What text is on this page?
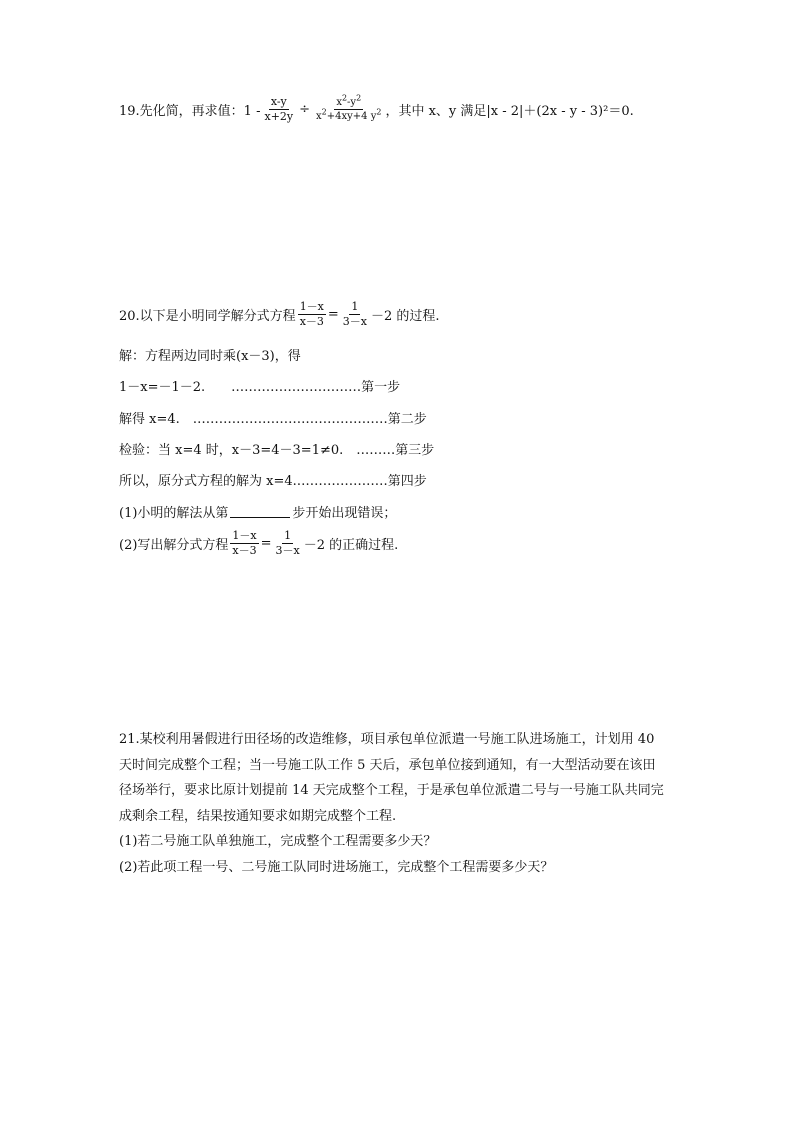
19.先化简，再求值：$1 - \frac{x-y}{x+2y} \div \frac{x^2-y^2}{x^2+4xy+4 y^2}$ ，其中 x、y 满足|x - 2|＋(2x - y - 3)²＝0.
20.以下是小明同学解分式方程 $\frac{1-x}{x-3} = \frac{1}{3-x} -2$ 的过程.
解：方程两边同时乘(x－3)，得
1－x=－1－2.　　…………………………第一步
解得 x=4.　………………………………………第二步
检验：当 x=4 时，x－3=4－3=1≠0.　………第三步
所以，原分式方程的解为 x=4.…………………第四步
(1)小明的解法从第	步开始出现错误；
(2)写出解分式方程 $\frac{1-x}{x-3} = \frac{1}{3-x} -2$ 的正确过程.
21.某校利用暑假进行田径场的改造维修，项目承包单位派遣一号施工队进场施工，计划用 40
天时间完成整个工程；当一号施工队工作 5 天后，承包单位接到通知，有一大型活动要在该田
径场举行，要求比原计划提前 14 天完成整个工程，于是承包单位派遣二号与一号施工队共同完
成剩余工程，结果按通知要求如期完成整个工程.
(1)若二号施工队单独施工，完成整个工程需要多少天？
(2)若此项工程一号、二号施工队同时进场施工，完成整个工程需要多少天？
